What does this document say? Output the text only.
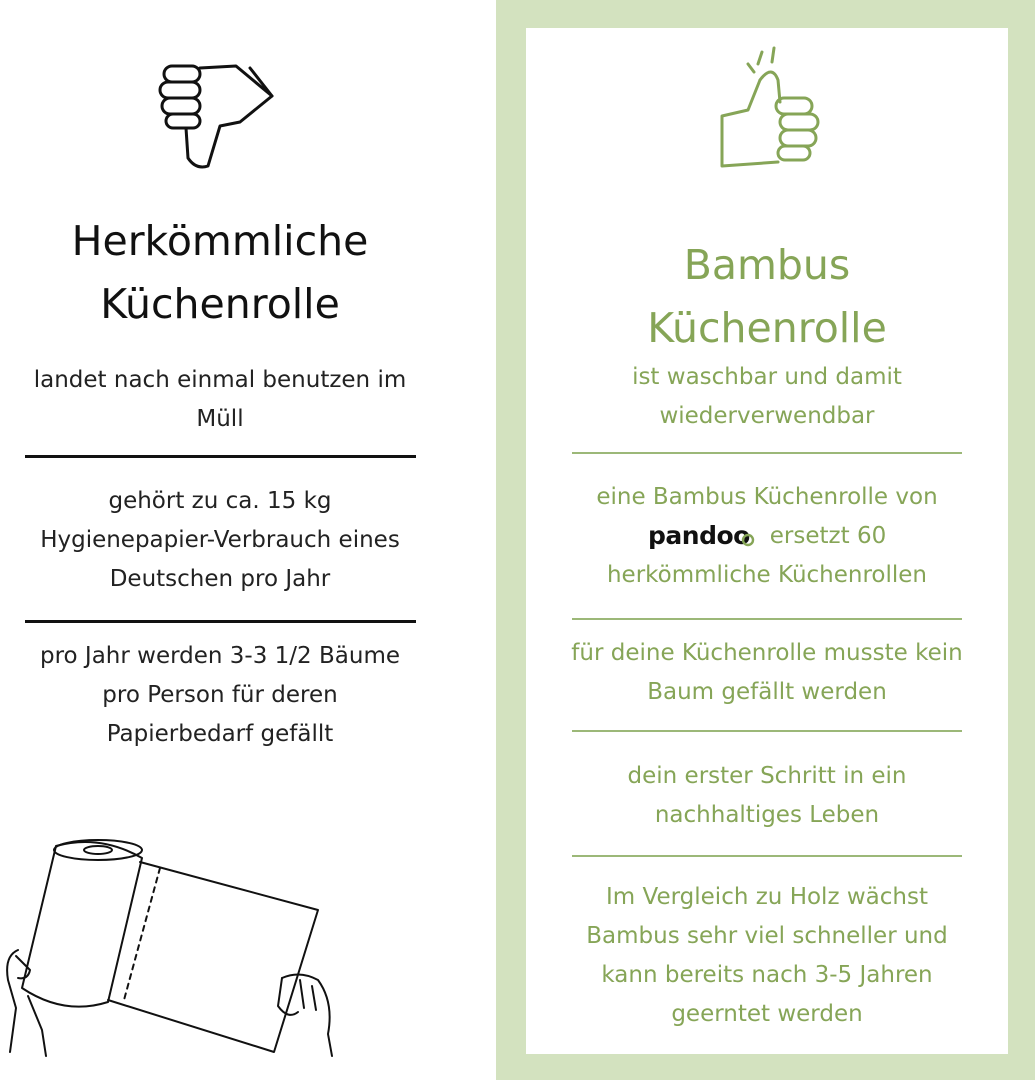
Herkömmliche
Küchenrolle
landet nach einmal benutzen im
Müll
gehört zu ca. 15 kg
Hygienepapier-Verbrauch eines
Deutschen pro Jahr
pro Jahr werden 3-3 1/2 Bäume
pro Person für deren
Papierbedarf gefällt
Bambus
Küchenrolle
ist waschbar und damit
wiederverwendbar
eine Bambus Küchenrolle von
pandoo ersetzt 60
herkömmliche Küchenrollen
für deine Küchenrolle musste kein
Baum gefällt werden
dein erster Schritt in ein
nachhaltiges Leben
Im Vergleich zu Holz wächst
Bambus sehr viel schneller und
kann bereits nach 3-5 Jahren
geerntet werden
